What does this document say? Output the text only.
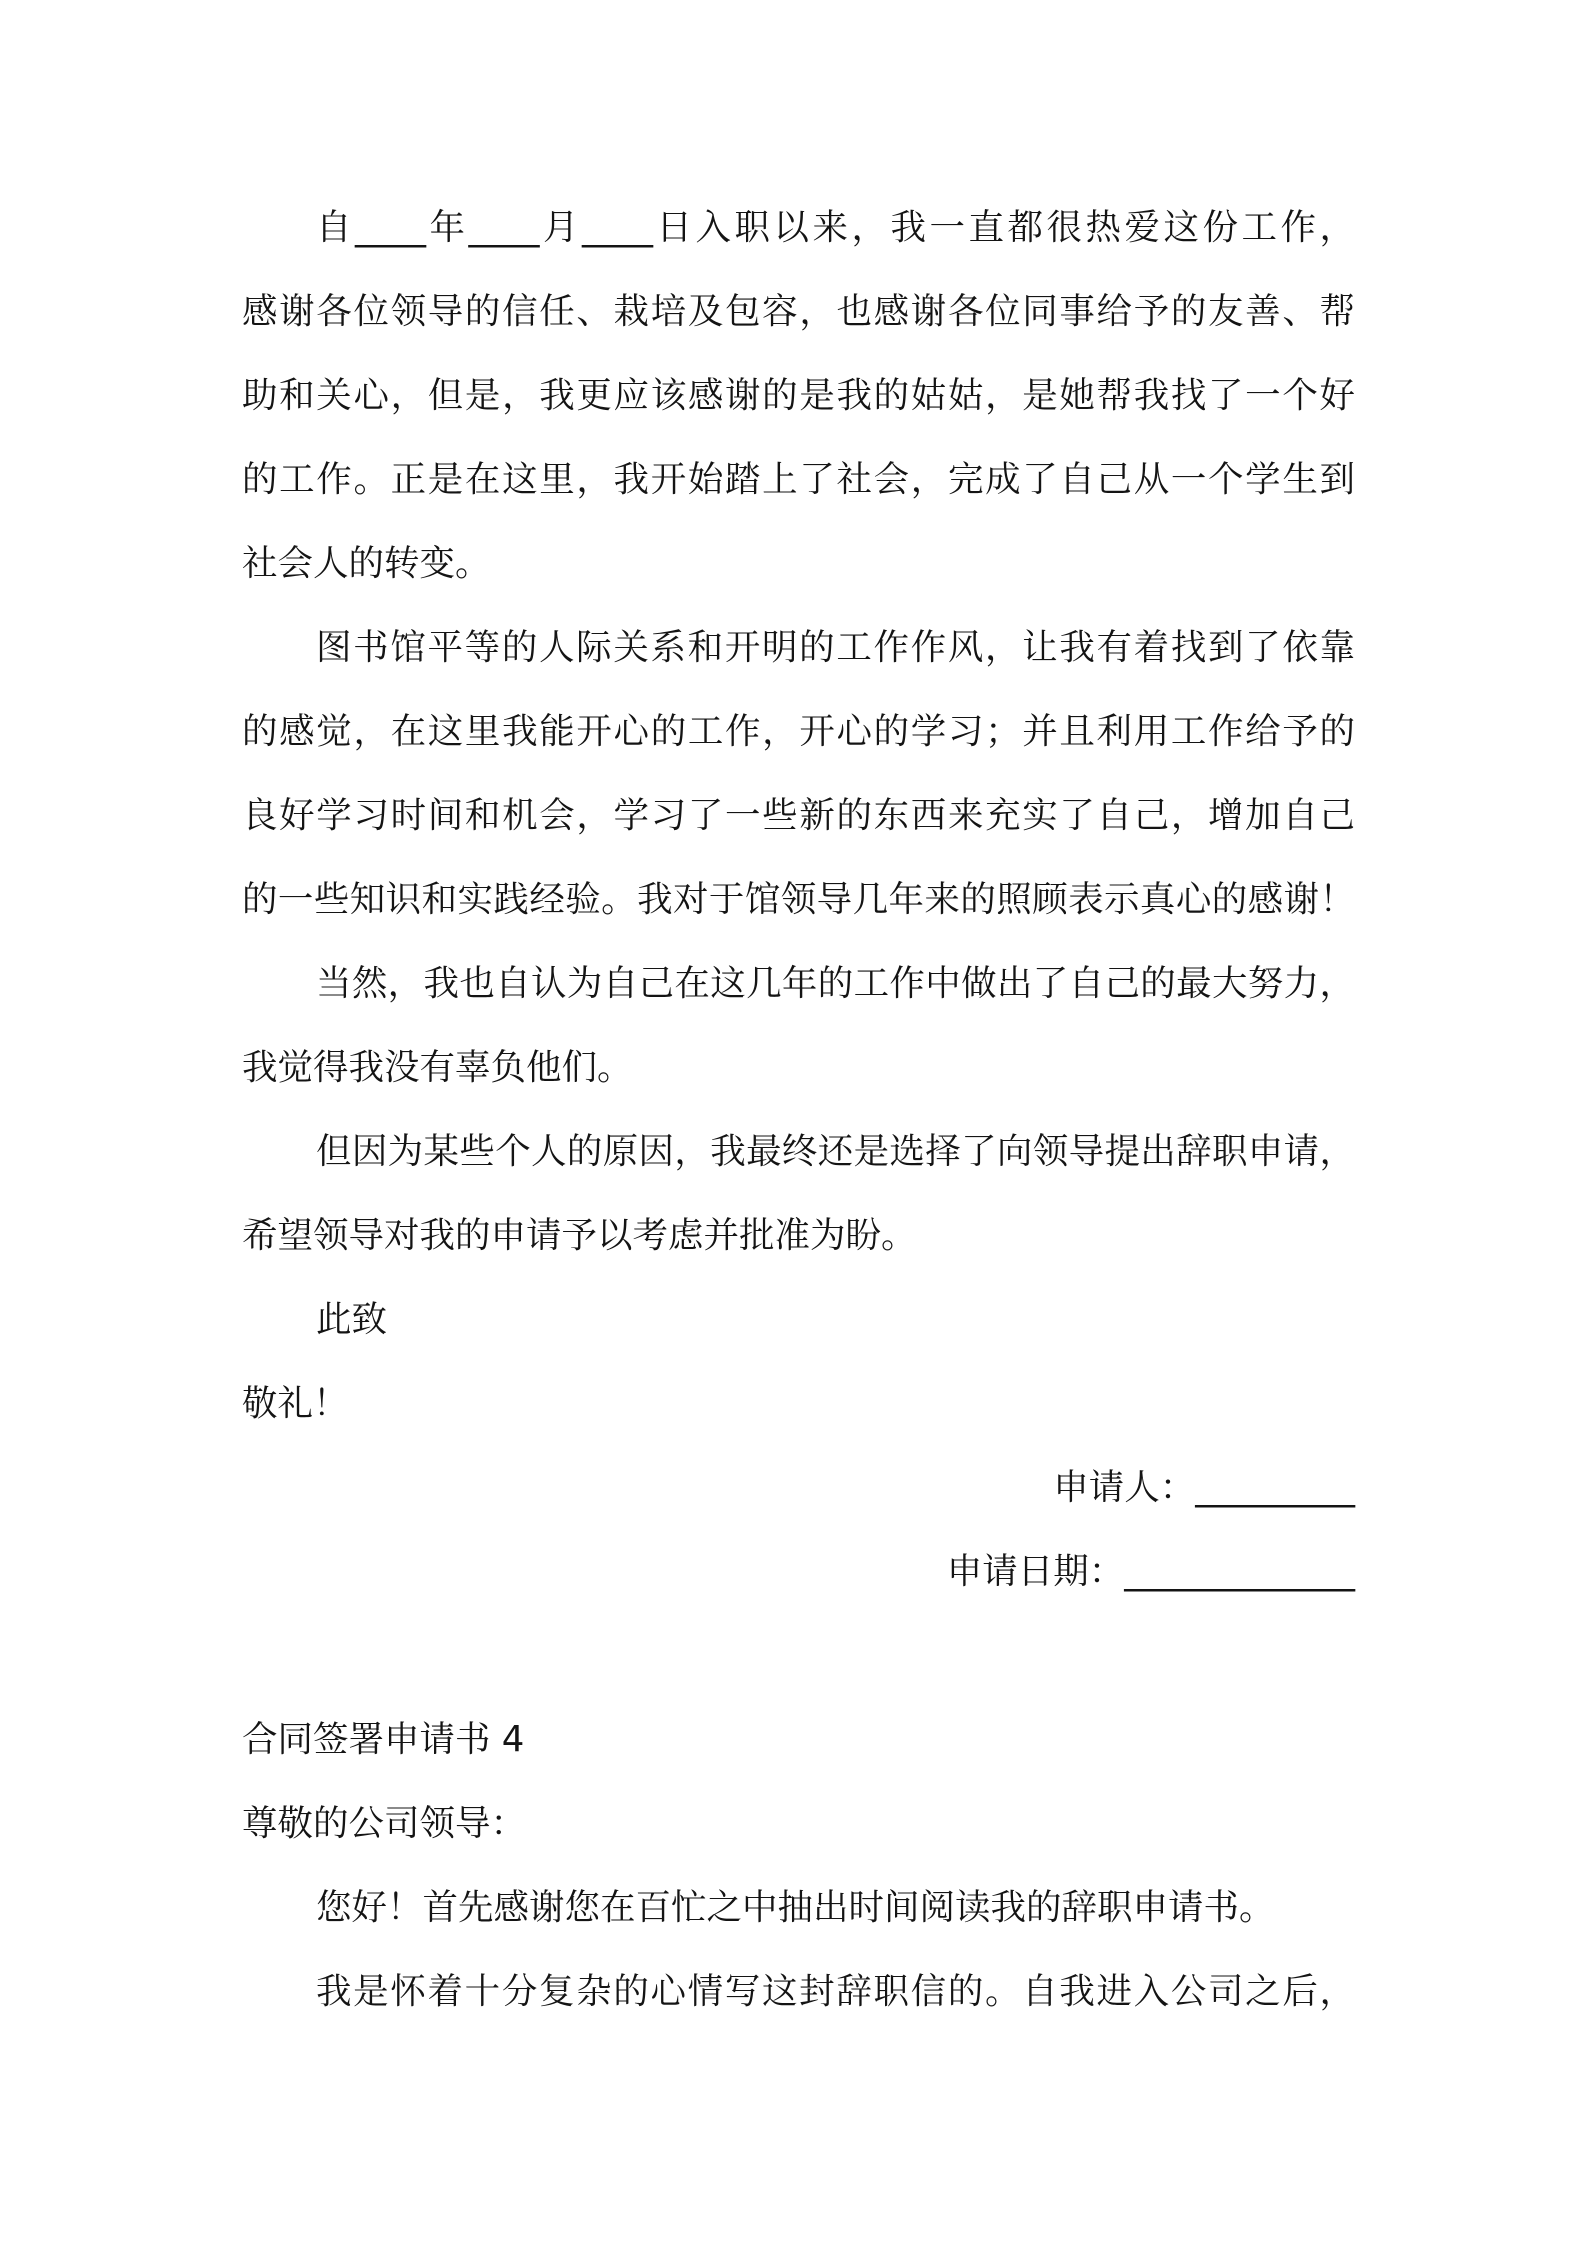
自____年____月____日入职以来，我一直都很热爱这份工作，
感谢各位领导的信任、栽培及包容，也感谢各位同事给予的友善、帮
助和关心，但是，我更应该感谢的是我的姑姑，是她帮我找了一个好
的工作。正是在这里，我开始踏上了社会，完成了自己从一个学生到
社会人的转变。
图书馆平等的人际关系和开明的工作作风，让我有着找到了依靠
的感觉，在这里我能开心的工作，开心的学习；并且利用工作给予的
良好学习时间和机会，学习了一些新的东西来充实了自己，增加自己
的一些知识和实践经验。我对于馆领导几年来的照顾表示真心的感谢！
当然，我也自认为自己在这几年的工作中做出了自己的最大努力，
我觉得我没有辜负他们。
但因为某些个人的原因，我最终还是选择了向领导提出辞职申请，
希望领导对我的申请予以考虑并批准为盼。
此致
敬礼！
申请人：_________
申请日期：_____________
合同签署申请书 4
尊敬的公司领导：
您好！首先感谢您在百忙之中抽出时间阅读我的辞职申请书。
我是怀着十分复杂的心情写这封辞职信的。自我进入公司之后，
